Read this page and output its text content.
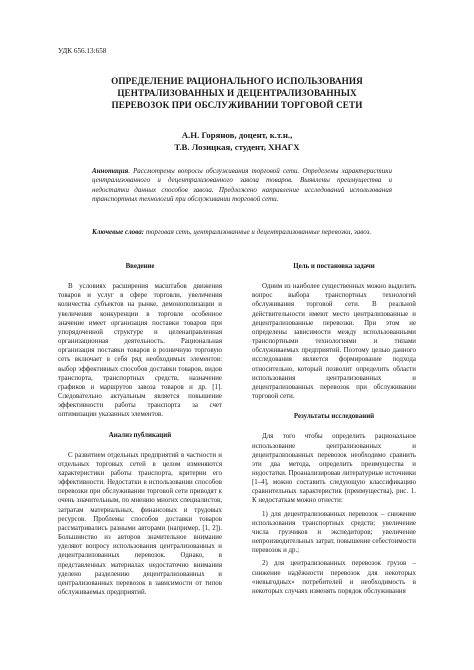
УДК 656.13:658
ОПРЕДЕЛЕНИЕ РАЦИОНАЛЬНОГО ИСПОЛЬЗОВАНИЯ
ЦЕНТРАЛИЗОВАННЫХ И ДЕЦЕНТРАЛИЗОВАННЫХ
ПЕРЕВОЗОК ПРИ ОБСЛУЖИВАНИИ ТОРГОВОЙ СЕТИ
А.Н. Горянов, доцент, к.т.н.,
Т.В. Лозицкая, студент, ХНАГХ
Аннотация. Рассмотрены вопросы обслуживания торговой сети. Определены характеристики централизованного и децентрализованного завоза товаров. Выявлены преимущества и недостатки данных способов завоза. Предложено направление исследований использования транспортных технологий при обслуживании торговой сети.
Ключевые слова: торговая сеть, централизованные и децентрализованные перевозки, завоз.
Введение

В условиях расширения масштабов движения товаров и услуг в сфере торговли, увеличения количества субъектов на рынке, демонополизации и увеличения конкуренции в торговле особенное значение имеет организация поставки товаров при упорядоченной структуре и целенаправленная организационная деятельность. Рациональная организация поставки товаров в розничную торговую сеть включает в себя ряд необходимых элементов: выбор эффективных способов доставки товаров, видов транспорта, транспортных средств, назначение графиков и маршрутов завоза товаров и др. [1]. Следовательно актуальным является повышение эффективности работы транспорта за счет оптимизации указанных элементов.

Анализ публикаций

С развитием отдельных предприятий в частности и отдельных торговых сетей в целом изменяются характеристики работы транспорта, критерии его эффективности. Недостатки в использовании способов перевозки при обслуживании торговой сети приводят к очень значительным, по мнению многих специалистов, затратам материальных, финансовых и трудовых ресурсов. Проблемы способов доставки товаров рассматривались разными авторами (например, [1, 2]). Большинство из авторов значительное внимание уделяют вопросу использования централизованных и децентрализованных перевозок. Однако, в представленных материалах недостаточно внимания уделено разделению децентрализованных и централизованных перевозок в зависимости от типов обслуживаемых предприятий.

Цель и постановка задачи

Одним из наиболее существенных можно выделить вопрос выбора транспортных технологий обслуживания торговой сети. В реальной действительности имеют место централизованные и децентрализованные перевозки. При этом не определены зависимости между использованными транспортными технологиями и типами обслуживаемых предприятий. Поэтому целью данного исследования является формирование подхода относительно, который позволит определить области использования централизованных и децентрализованных перевозок при обслуживании торговой сети.

Результаты исследований

Для того чтобы определить рациональное использование централизованных и децентрализованных перевозок необходимо сравнить эти два метода, определить преимущества и недостатки. Проанализировав литературные источники [1–4], можно составить следующую классификацию сравнительных характеристик (преимущества), рис. 1. К недостаткам можно отнести:

1) для децентрализованных перевозок – снижение использования транспортных средств; увеличение числа грузчиков и экспедиторов; увеличение непроизводительных затрат, повышение себестоимости перевозок и др.;

2) для централизованных перевозок грузов – снижение надёжности перевозок для некоторых «невыгодных» потребителей и необходимость в некоторых случаях изменять порядок обслуживания
